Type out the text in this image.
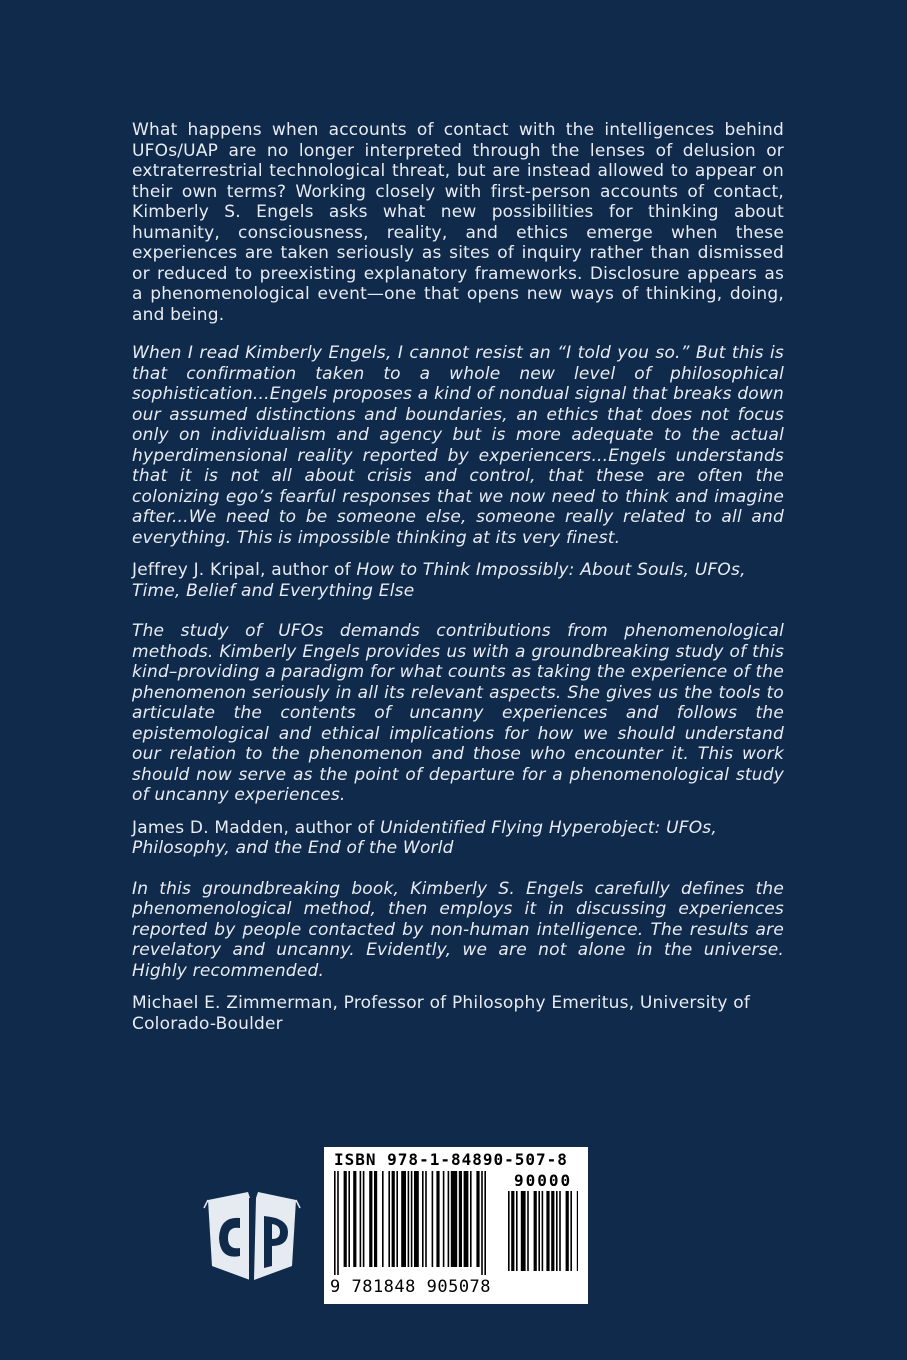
What happens when accounts of contact with the intelligences behind UFOs/UAP are no longer interpreted through the lenses of delusion or extraterrestrial technological threat, but are instead allowed to appear on their own terms? Working closely with first-person accounts of contact, Kimberly S. Engels asks what new possibilities for thinking about humanity, consciousness, reality, and ethics emerge when these experiences are taken seriously as sites of inquiry rather than dismissed or reduced to preexisting explanatory frameworks. Disclosure appears as a phenomenological event—one that opens new ways of thinking, doing, and being.

When I read Kimberly Engels, I cannot resist an “I told you so.” But this is that confirmation taken to a whole new level of philosophical sophistication...Engels proposes a kind of nondual signal that breaks down our assumed distinctions and boundaries, an ethics that does not focus only on individualism and agency but is more adequate to the actual hyperdimensional reality reported by experiencers...Engels understands that it is not all about crisis and control, that these are often the colonizing ego’s fearful responses that we now need to think and imagine after...We need to be someone else, someone really related to all and everything. This is impossible thinking at its very finest.

Jeffrey J. Kripal, author of How to Think Impossibly: About Souls, UFOs, Time, Belief and Everything Else

The study of UFOs demands contributions from phenomenological methods. Kimberly Engels provides us with a groundbreaking study of this kind–providing a paradigm for what counts as taking the experience of the phenomenon seriously in all its relevant aspects. She gives us the tools to articulate the contents of uncanny experiences and follows the epistemological and ethical implications for how we should understand our relation to the phenomenon and those who encounter it. This work should now serve as the point of departure for a phenomenological study of uncanny experiences.

James D. Madden, author of Unidentified Flying Hyperobject: UFOs, Philosophy, and the End of the World

In this groundbreaking book, Kimberly S. Engels carefully defines the phenomenological method, then employs it in discussing experiences reported by people contacted by non-human intelligence. The results are revelatory and uncanny. Evidently, we are not alone in the universe. Highly recommended.

Michael E. Zimmerman, Professor of Philosophy Emeritus, University of Colorado-Boulder

ISBN 978-1-84890-507-8
90000
9 781848 905078
